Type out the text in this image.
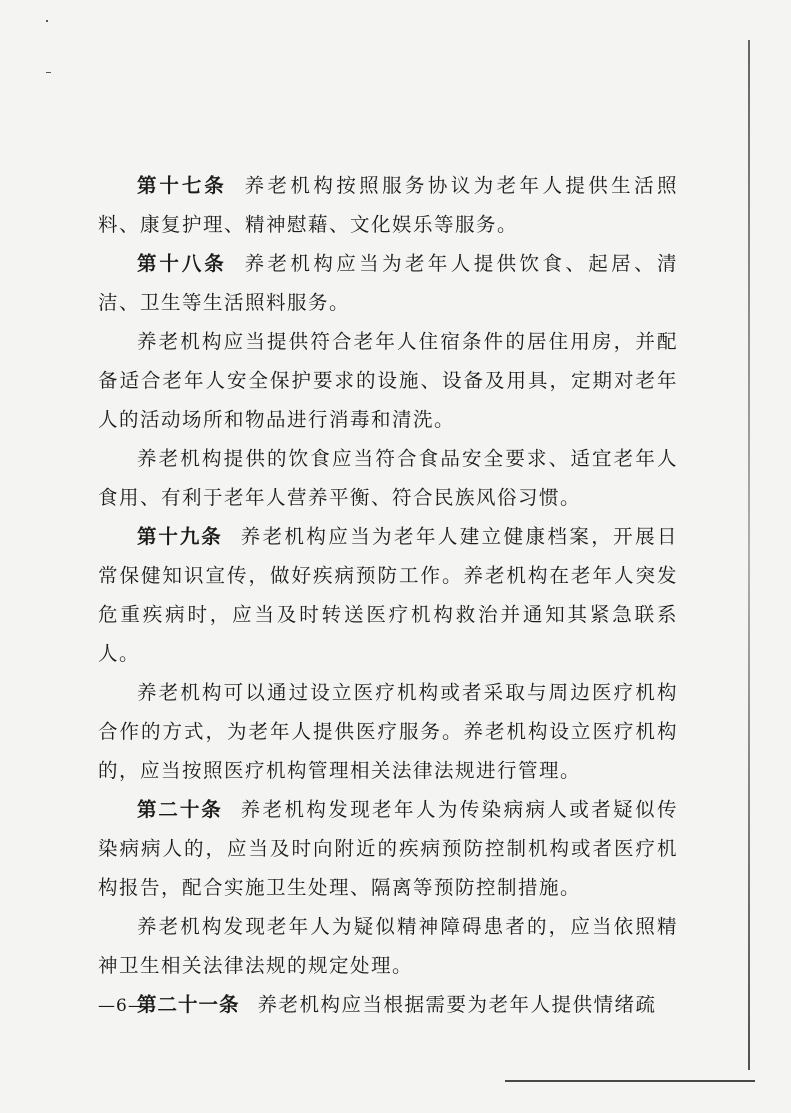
第十七条 养老机构按照服务协议为老年人提供生活照料、康复护理、精神慰藉、文化娱乐等服务。

第十八条 养老机构应当为老年人提供饮食、起居、清洁、卫生等生活照料服务。

养老机构应当提供符合老年人住宿条件的居住用房，并配备适合老年人安全保护要求的设施、设备及用具，定期对老年人的活动场所和物品进行消毒和清洗。

养老机构提供的饮食应当符合食品安全要求、适宜老年人食用、有利于老年人营养平衡、符合民族风俗习惯。

第十九条 养老机构应当为老年人建立健康档案，开展日常保健知识宣传，做好疾病预防工作。养老机构在老年人突发危重疾病时，应当及时转送医疗机构救治并通知其紧急联系人。

养老机构可以通过设立医疗机构或者采取与周边医疗机构合作的方式，为老年人提供医疗服务。养老机构设立医疗机构的，应当按照医疗机构管理相关法律法规进行管理。

第二十条 养老机构发现老年人为传染病病人或者疑似传染病病人的，应当及时向附近的疾病预防控制机构或者医疗机构报告，配合实施卫生处理、隔离等预防控制措施。

养老机构发现老年人为疑似精神障碍患者的，应当依照精神卫生相关法律法规的规定处理。

第二十一条 养老机构应当根据需要为老年人提供情绪疏

—6—
